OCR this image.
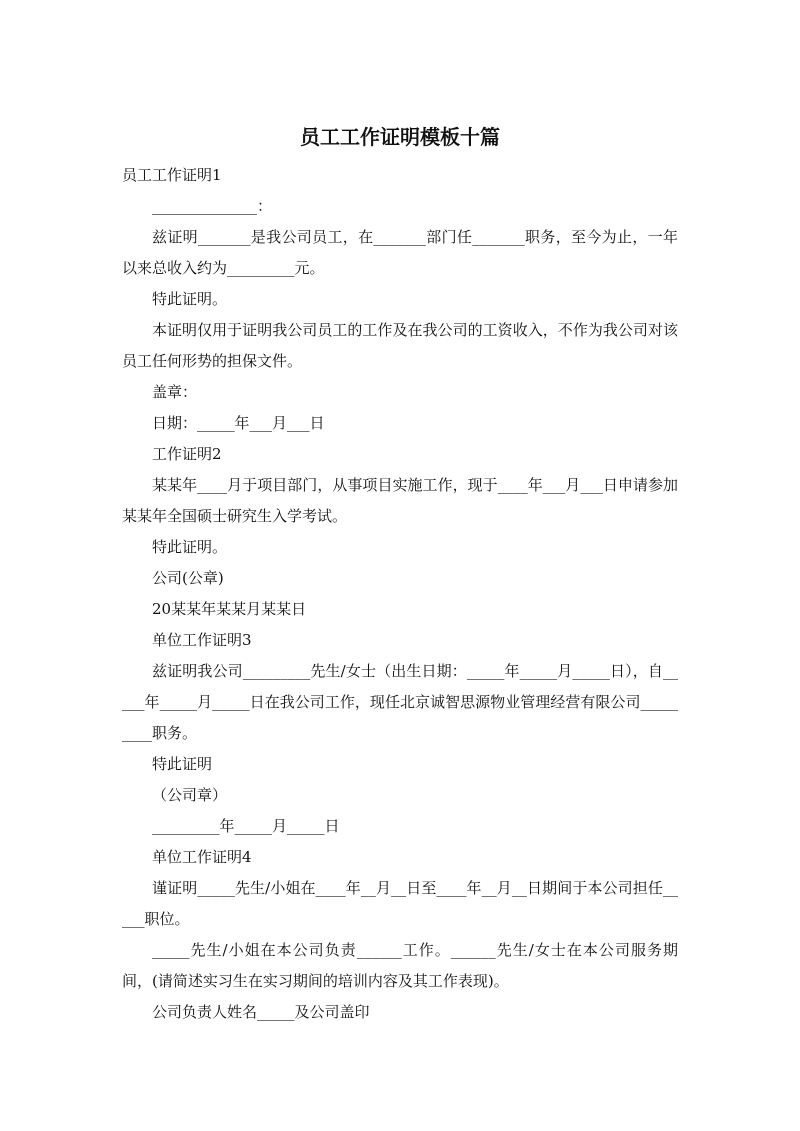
员工工作证明模板十篇

员工工作证明1

______________：

兹证明_______是我公司员工，在_______部门任_______职务，至今为止，一年以来总收入约为_________元。

特此证明。

本证明仅用于证明我公司员工的工作及在我公司的工资收入，不作为我公司对该员工任何形势的担保文件。

盖章：

日期：_____年___月___日

工作证明2

某某年____月于项目部门，从事项目实施工作，现于____年___月___日申请参加某某年全国硕士研究生入学考试。

特此证明。

公司(公章)

20某某年某某月某某日

单位工作证明3

兹证明我公司_________先生/女士（出生日期：_____年_____月_____日），自_____年_____月_____日在我公司工作，现任北京诚智思源物业管理经营有限公司_________职务。

特此证明

（公司章）

_________年_____月_____日

单位工作证明4

谨证明_____先生/小姐在____年__月__日至____年__月__日期间于本公司担任_____职位。

_____先生/小姐在本公司负责______工作。______先生/女士在本公司服务期间，(请简述实习生在实习期间的培训内容及其工作表现)。

公司负责人姓名_____及公司盖印
